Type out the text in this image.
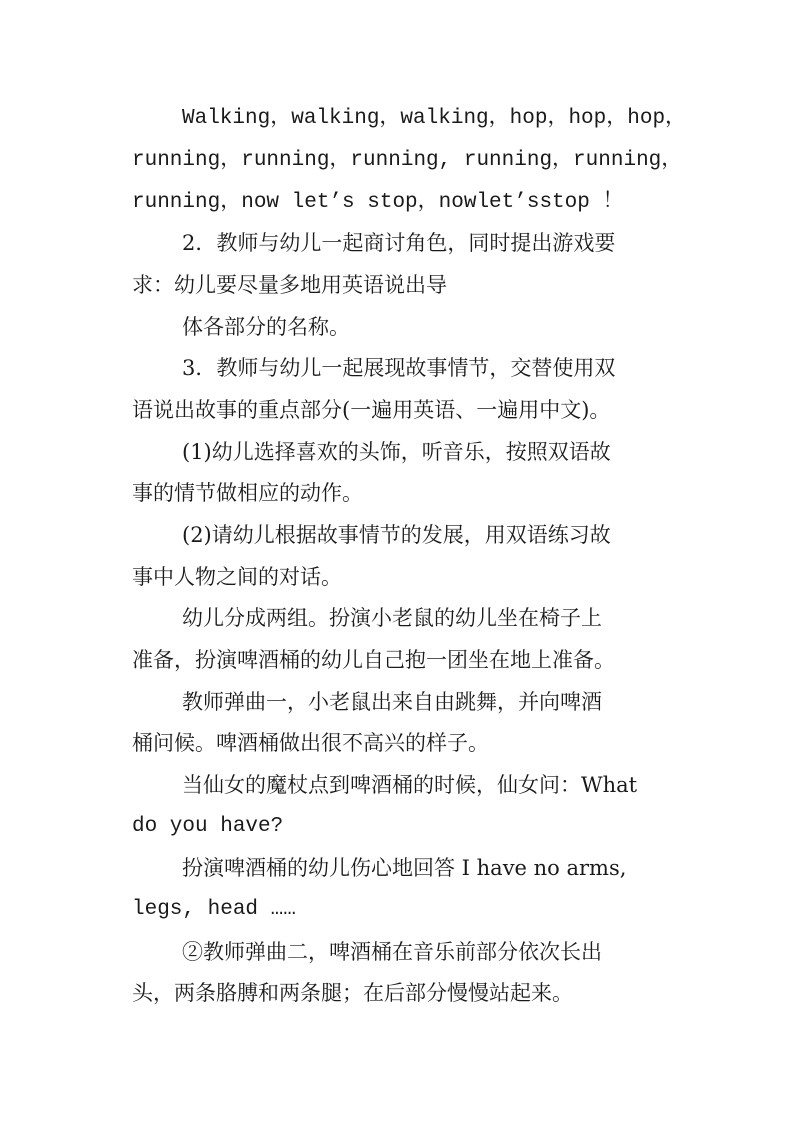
Walking，walking，walking，hop，hop，hop，
running，running，running, running，running，
running，now let’s stop，nowlet’sstop ！
2．教师与幼儿一起商讨角色，同时提出游戏要
求：幼儿要尽量多地用英语说出导
体各部分的名称。
3．教师与幼儿一起展现故事情节，交替使用双
语说出故事的重点部分(一遍用英语、一遍用中文)。
(1)幼儿选择喜欢的头饰，听音乐，按照双语故
事的情节做相应的动作。
(2)请幼儿根据故事情节的发展，用双语练习故
事中人物之间的对话。
幼儿分成两组。扮演小老鼠的幼儿坐在椅子上
准备，扮演啤酒桶的幼儿自己抱一团坐在地上准备。
教师弹曲一，小老鼠出来自由跳舞，并向啤酒
桶问候。啤酒桶做出很不高兴的样子。
当仙女的魔杖点到啤酒桶的时候，仙女问：What
do you have?
扮演啤酒桶的幼儿伤心地回答 I have no arms,
legs, head ……
②教师弹曲二，啤酒桶在音乐前部分依次长出
头，两条胳膊和两条腿；在后部分慢慢站起来。
